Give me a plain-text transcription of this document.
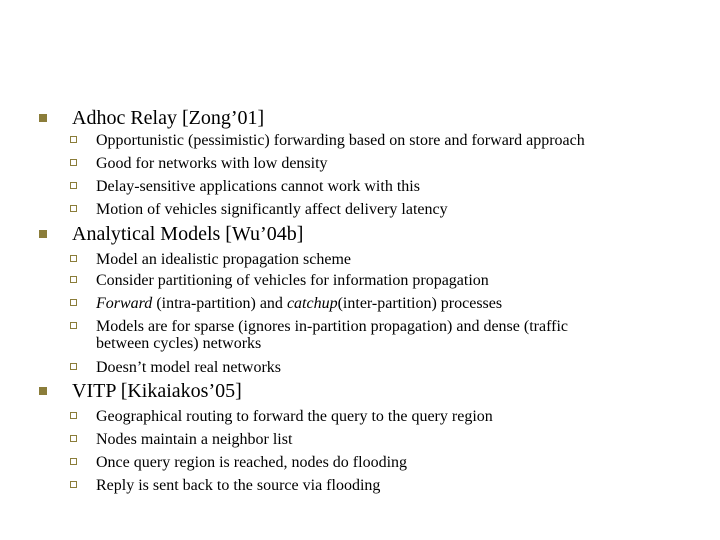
Adhoc Relay [Zong’01]
Opportunistic (pessimistic) forwarding based on store and forward approach
Good for networks with low density
Delay-sensitive applications cannot work with this
Motion of vehicles significantly affect delivery latency
Analytical Models [Wu’04b]
Model an idealistic propagation scheme
Consider partitioning of vehicles for information propagation
Forward (intra-partition) and catchup(inter-partition) processes
Models are for sparse (ignores in-partition propagation) and dense (traffic
between cycles) networks
Doesn’t model real networks
VITP [Kikaiakos’05]
Geographical routing to forward the query to the query region
Nodes maintain a neighbor list
Once query region is reached, nodes do flooding
Reply is sent back to the source via flooding
